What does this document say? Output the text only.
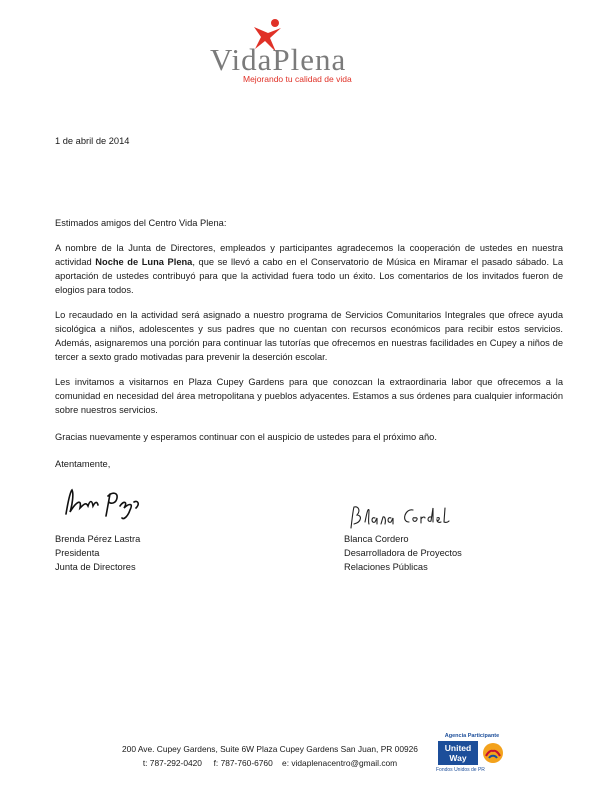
VidaPlena
Mejorando tu calidad de vida

1 de abril de 2014

Estimados amigos del Centro Vida Plena:

A nombre de la Junta de Directores, empleados y participantes agradecemos la cooperación de ustedes en nuestra actividad Noche de Luna Plena, que se llevó a cabo en el Conservatorio de Música en Miramar el pasado sábado. La aportación de ustedes contribuyó para que la actividad fuera todo un éxito. Los comentarios de los invitados fueron de elogios para todos.

Lo recaudado en la actividad será asignado a nuestro programa de Servicios Comunitarios Integrales que ofrece ayuda sicológica a niños, adolescentes y sus padres que no cuentan con recursos económicos para recibir estos servicios. Además, asignaremos una porción para continuar las tutorías que ofrecemos en nuestras facilidades en Cupey a niños de tercer a sexto grado motivadas para prevenir la deserción escolar.

Les invitamos a visitarnos en Plaza Cupey Gardens para que conozcan la extraordinaria labor que ofrecemos a la comunidad en necesidad del área metropolitana y pueblos adyacentes. Estamos a sus órdenes para cualquier información sobre nuestros servicios.

Gracias nuevamente y esperamos continuar con el auspicio de ustedes para el próximo año.

Atentamente,

Brenda Pérez Lastra
Presidenta
Junta de Directores
Blanca Cordero
Desarrolladora de Proyectos
Relaciones Públicas
200 Ave. Cupey Gardens, Suite 6W Plaza Cupey Gardens San Juan, PR 00926
t: 787-292-0420     f: 787-760-6760    e: vidaplenacentro@gmail.com
Agencia Participante
United
Way
Fondos Unidos de PR
